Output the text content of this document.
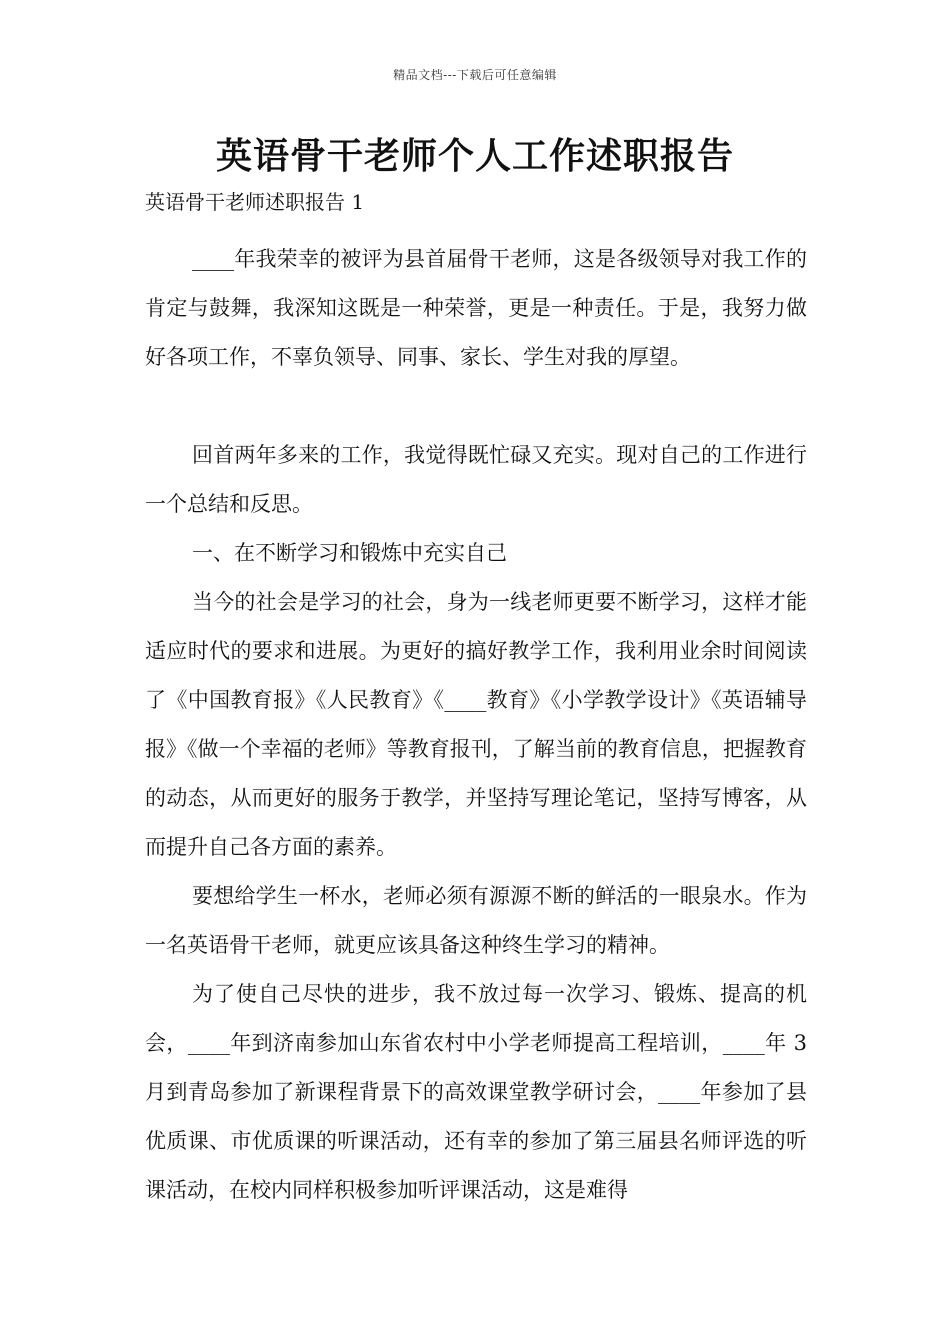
精品文档---下载后可任意编辑
英语骨干老师个人工作述职报告

英语骨干老师述职报告 1

____年我荣幸的被评为县首届骨干老师，这是各级领导对我工作的肯定与鼓舞，我深知这既是一种荣誉，更是一种责任。于是，我努力做好各项工作，不辜负领导、同事、家长、学生对我的厚望。

回首两年多来的工作，我觉得既忙碌又充实。现对自己的工作进行一个总结和反思。

一、在不断学习和锻炼中充实自己

当今的社会是学习的社会，身为一线老师更要不断学习，这样才能适应时代的要求和进展。为更好的搞好教学工作，我利用业余时间阅读了《中国教育报》《人民教育》《____教育》《小学教学设计》《英语辅导报》《做一个幸福的老师》等教育报刊，了解当前的教育信息，把握教育的动态，从而更好的服务于教学，并坚持写理论笔记，坚持写博客，从而提升自己各方面的素养。

要想给学生一杯水，老师必须有源源不断的鲜活的一眼泉水。作为一名英语骨干老师，就更应该具备这种终生学习的精神。

为了使自己尽快的进步，我不放过每一次学习、锻炼、提高的机会，____年到济南参加山东省农村中小学老师提高工程培训，____年 3 月到青岛参加了新课程背景下的高效课堂教学研讨会，____年参加了县优质课、市优质课的听课活动，还有幸的参加了第三届县名师评选的听课活动，在校内同样积极参加听评课活动，这是难得
